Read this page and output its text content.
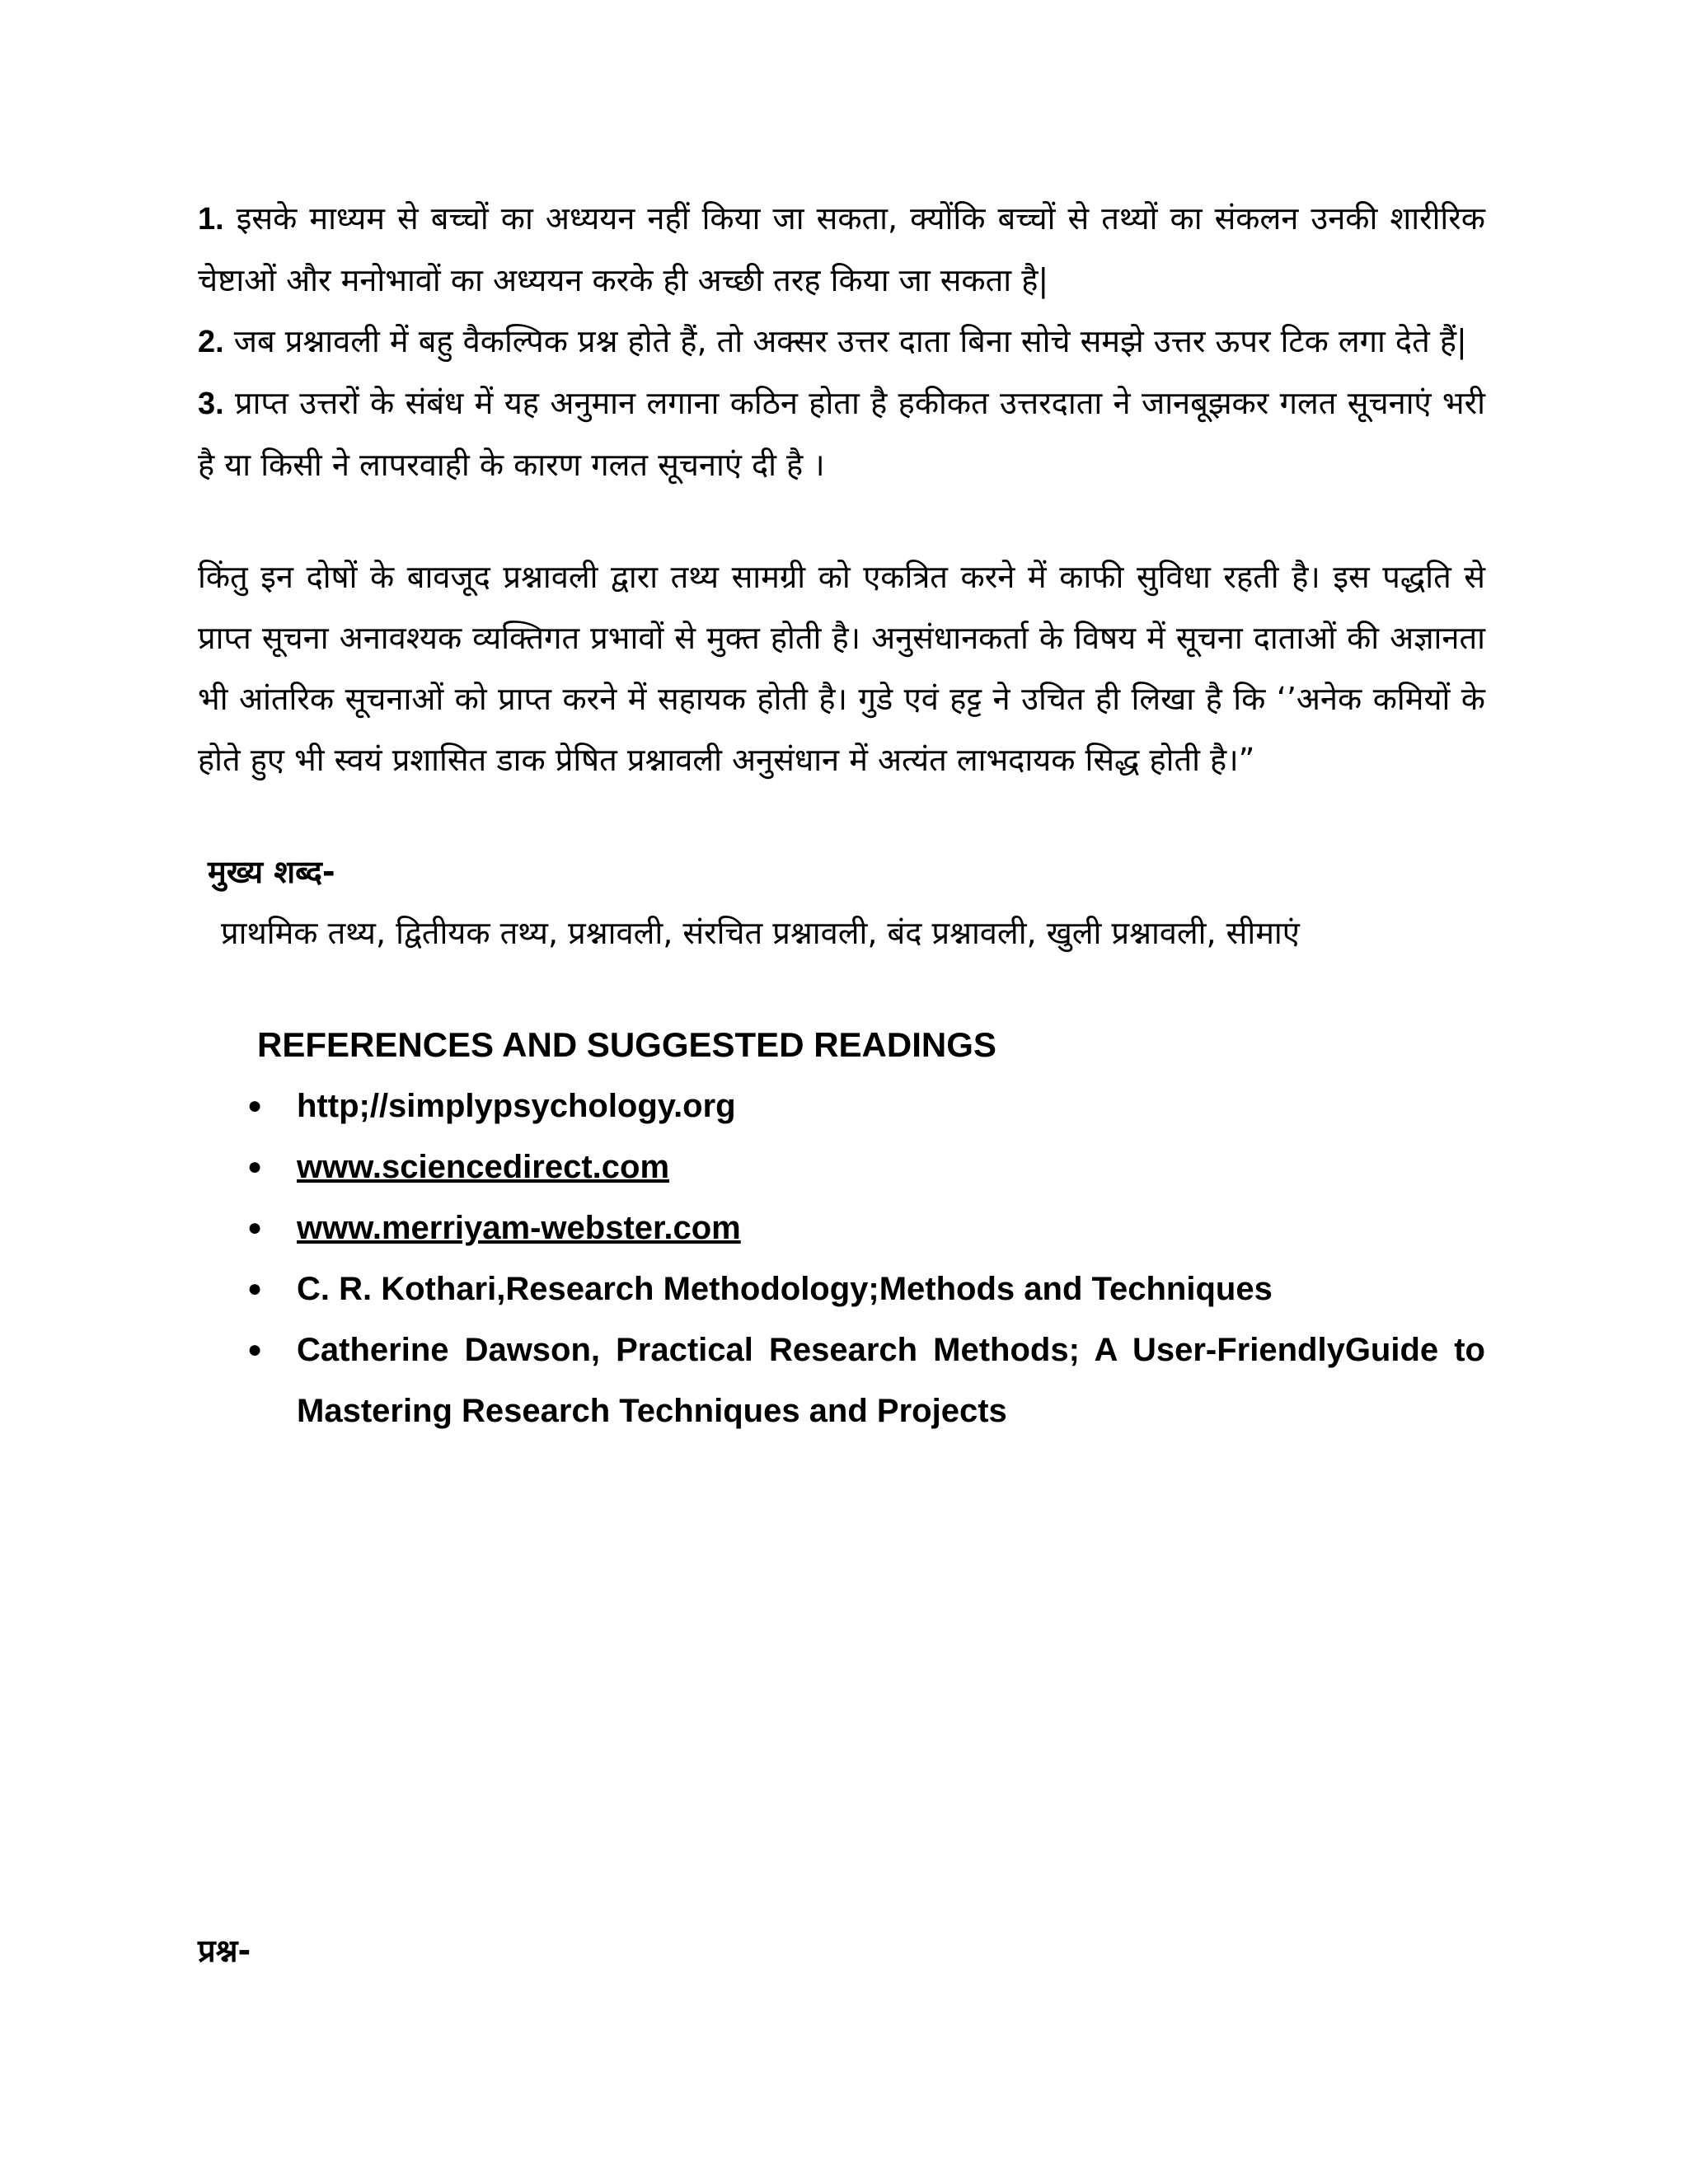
1. इसके माध्यम से बच्चों का अध्ययन नहीं किया जा सकता, क्योंकि बच्चों से तथ्यों का संकलन उनकी शारीरिक चेष्टाओं और मनोभावों का अध्ययन करके ही अच्छी तरह किया जा सकता है|

2. जब प्रश्नावली में बहु वैकल्पिक प्रश्न होते हैं, तो अक्सर उत्तर दाता बिना सोचे समझे उत्तर ऊपर टिक लगा देते हैं|

3. प्राप्त उत्तरों के संबंध में यह अनुमान लगाना कठिन होता है हकीकत उत्तरदाता ने जानबूझकर गलत सूचनाएं भरी है या किसी ने लापरवाही के कारण गलत सूचनाएं दी है ।

किंतु इन दोषों के बावजूद प्रश्नावली द्वारा तथ्य सामग्री को एकत्रित करने में काफी सुविधा रहती है। इस पद्धति से प्राप्त सूचना अनावश्यक व्यक्तिगत प्रभावों से मुक्त होती है। अनुसंधानकर्ता के विषय में सूचना दाताओं की अज्ञानता भी आंतरिक सूचनाओं को प्राप्त करने में सहायक होती है। गुडे एवं हट्ट ने उचित ही लिखा है कि ‘’अनेक कमियों के होते हुए भी स्वयं प्रशासित डाक प्रेषित प्रश्नावली अनुसंधान में अत्यंत लाभदायक सिद्ध होती है।”

मुख्य शब्द-

प्राथमिक तथ्य, द्वितीयक तथ्य, प्रश्नावली, संरचित प्रश्नावली, बंद प्रश्नावली, खुली प्रश्नावली, सीमाएं

REFERENCES AND SUGGESTED READINGS

● http;//simplypsychology.org
● www.sciencedirect.com
● www.merriyam-webster.com
● C. R. Kothari,Research Methodology;Methods and Techniques
● Catherine Dawson, Practical Research Methods; A User-FriendlyGuide to Mastering Research Techniques and Projects

प्रश्न-
